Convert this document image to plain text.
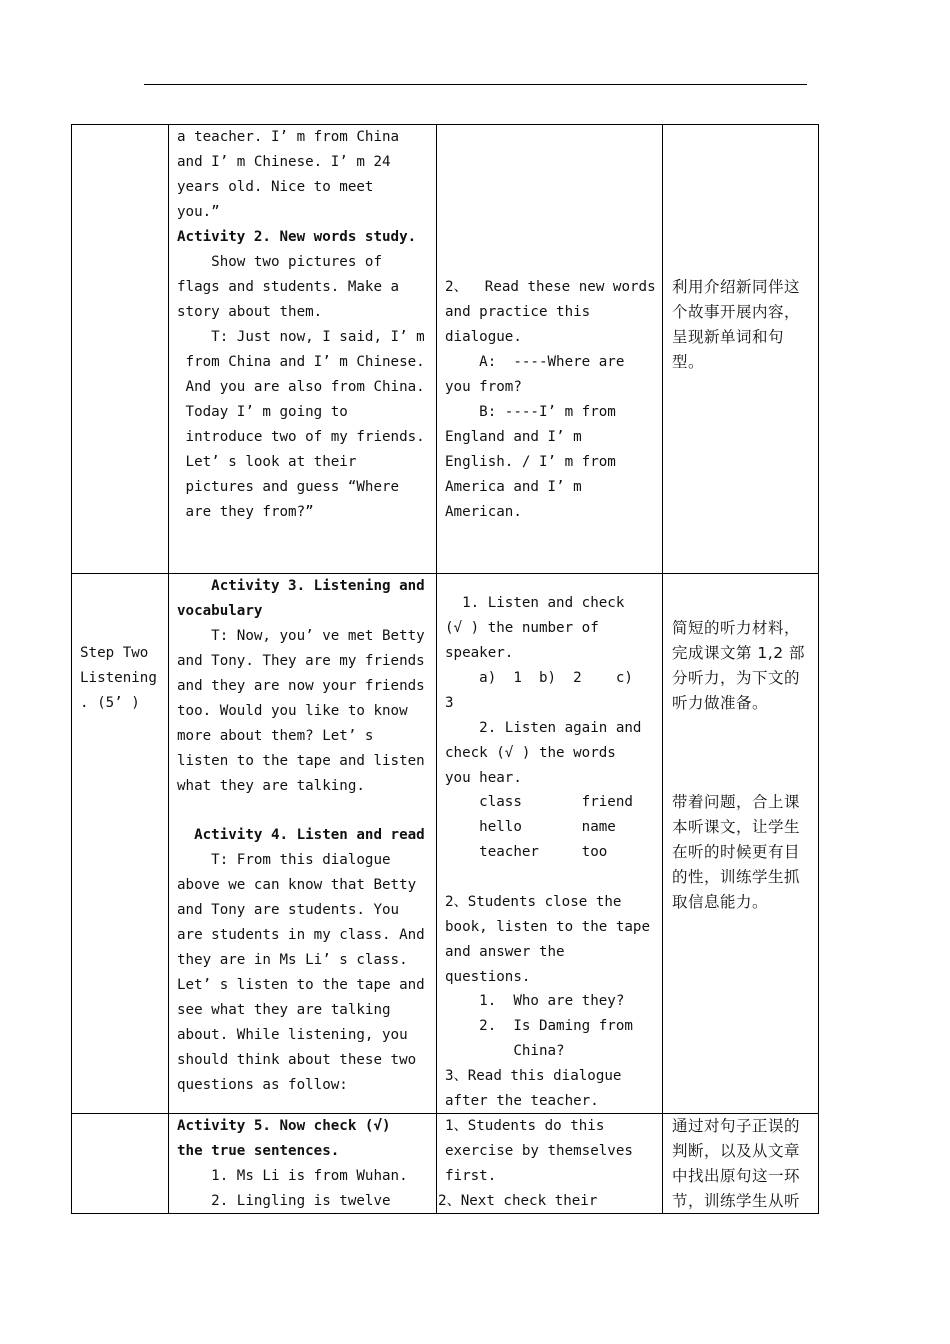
a teacher. I’ m from China
and I’ m Chinese. I’ m 24
years old. Nice to meet
you.”
Activity 2. New words study.
Show two pictures of
flags and students. Make a
story about them.
T: Just now, I said, I’ m
from China and I’ m Chinese.
And you are also from China.
Today I’ m going to
introduce two of my friends.
Let’ s look at their
pictures and guess “Where
are they from?”
2、  Read these new words
and practice this
dialogue.
A:  ----Where are
you from?
B: ----I’ m from
England and I’ m
English. / I’ m from
America and I’ m
American.
利用介绍新同伴这
个故事开展内容，
呈现新单词和句
型。
Step Two
Listening
. (5’ )
Activity 3. Listening and
vocabulary
T: Now, you’ ve met Betty
and Tony. They are my friends
and they are now your friends
too. Would you like to know
more about them? Let’ s
listen to the tape and listen
what they are talking.
Activity 4. Listen and read
T: From this dialogue
above we can know that Betty
and Tony are students. You
are students in my class. And
they are in Ms Li’ s class.
Let’ s listen to the tape and
see what they are talking
about. While listening, you
should think about these two
questions as follow:
1. Listen and check
(√ ) the number of
speaker.
a)  1  b)  2    c)
3
2. Listen again and
check (√ ) the words
you hear.
class       friend
hello       name
teacher     too
2、Students close the
book, listen to the tape
and answer the
questions.
1.  Who are they?
2.  Is Daming from
China?
3、Read this dialogue
after the teacher.
简短的听力材料，
完成课文第 1,2 部
分听力，为下文的
听力做准备。
带着问题，合上课
本听课文，让学生
在听的时候更有目
的性，训练学生抓
取信息能力。
Activity 5. Now check (√)
the true sentences.
1. Ms Li is from Wuhan.
2. Lingling is twelve
1、Students do this
exercise by themselves
first.
2、Next check their
通过对句子正误的
判断，以及从文章
中找出原句这一环
节，训练学生从听
